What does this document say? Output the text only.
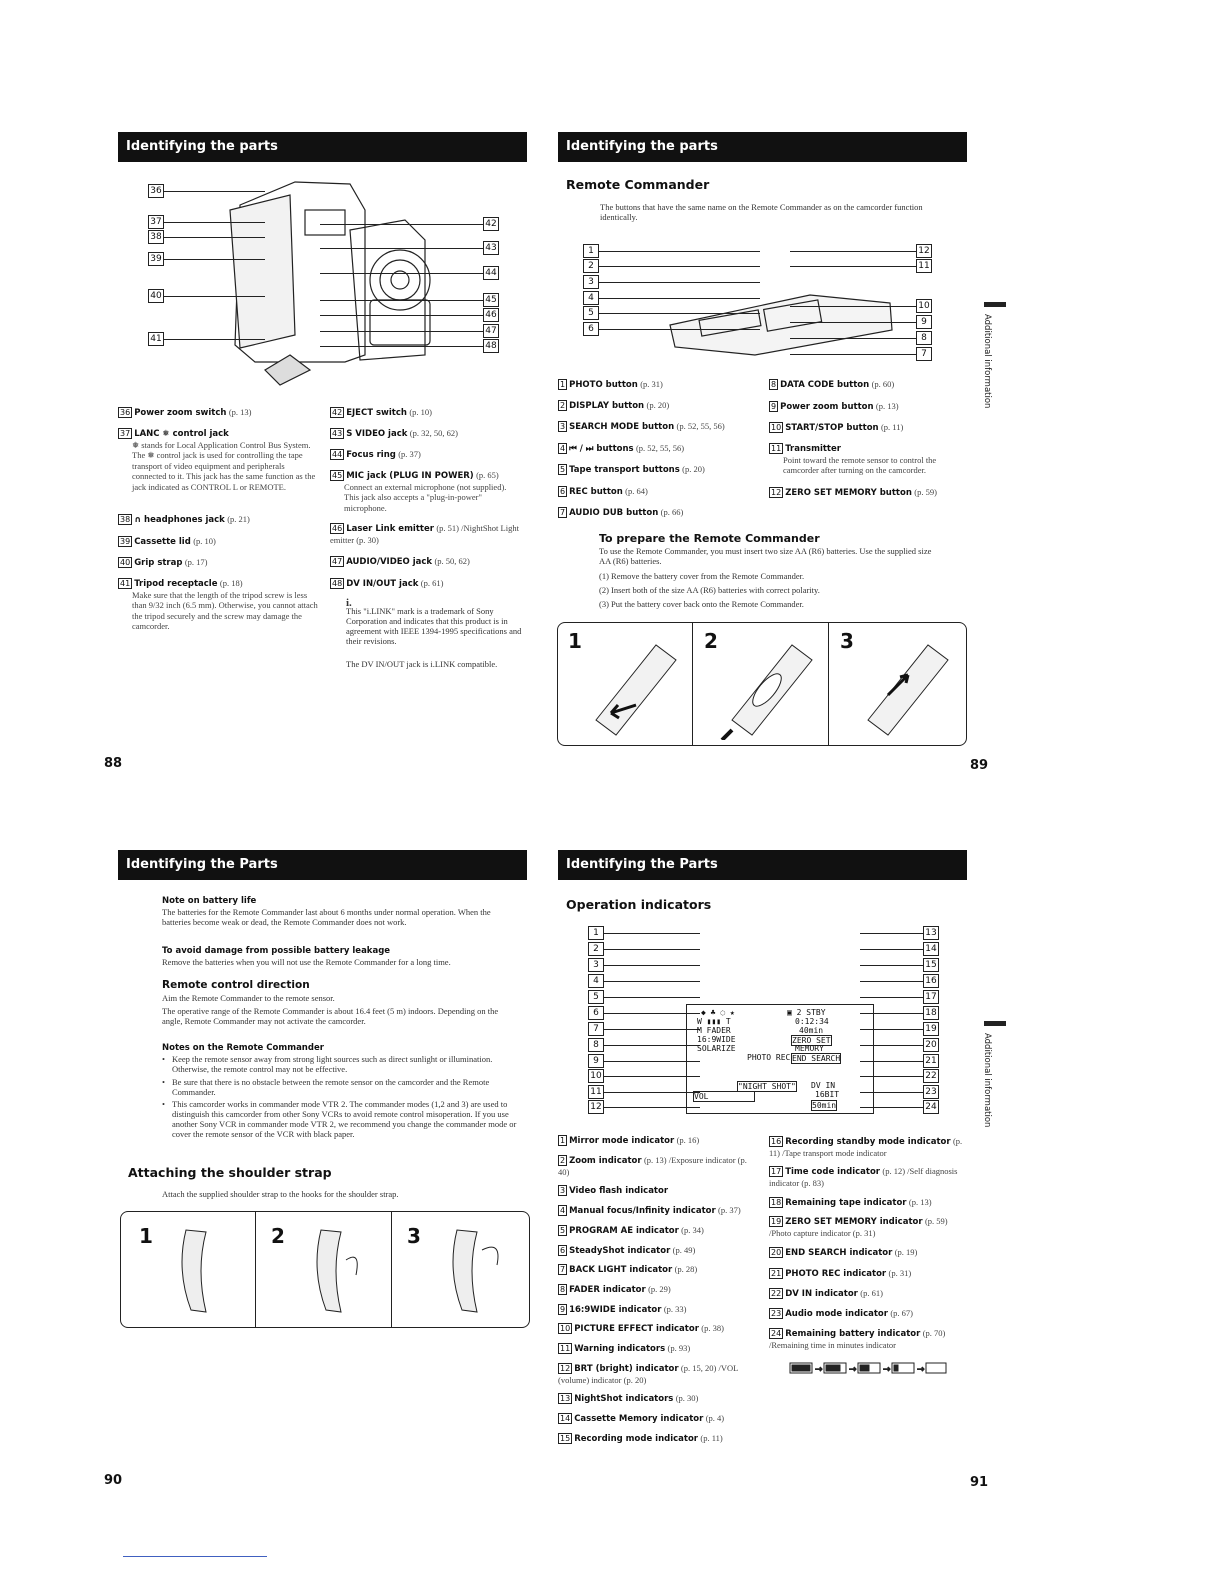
Identifying the parts
36
37
38
39
40
41
42
43
44
45
46
47
48
36 Power zoom switch (p. 13)
37 LANC ❅ control jack
❅ stands for Local Application Control Bus System. The ❅ control jack is used for controlling the tape transport of video equipment and peripherals connected to it. This jack has the same function as the jack indicated as CONTROL L or REMOTE.
38 ∩ headphones jack (p. 21)
39 Cassette lid (p. 10)
40 Grip strap (p. 17)
41 Tripod receptacle (p. 18)
Make sure that the length of the tripod screw is less than 9/32 inch (6.5 mm). Otherwise, you cannot attach the tripod securely and the screw may damage the camcorder.
42 EJECT switch (p. 10)
43 S VIDEO jack (p. 32, 50, 62)
44 Focus ring (p. 37)
45 MIC jack (PLUG IN POWER) (p. 65)
Connect an external microphone (not supplied). This jack also accepts a "plug-in-power" microphone.
46 Laser Link emitter (p. 51) /NightShot Light emitter (p. 30)
47 AUDIO/VIDEO jack (p. 50, 62)
48 DV IN/OUT jack (p. 61)
i.
This "i.LINK" mark is a trademark of Sony Corporation and indicates that this product is in agreement with IEEE 1394-1995 specifications and their revisions.
The DV IN/OUT jack is i.LINK compatible.
88
Identifying the parts
Remote Commander
The buttons that have the same name on the Remote Commander as on the camcorder function identically.
1
2
3
4
5
6
12
11
10
9
8
7
1 PHOTO button (p. 31)
2 DISPLAY button (p. 20)
3 SEARCH MODE button (p. 52, 55, 56)
4 ⏮ / ⏭ buttons (p. 52, 55, 56)
5 Tape transport buttons (p. 20)
6 REC button (p. 64)
7 AUDIO DUB button (p. 66)
8 DATA CODE button (p. 60)
9 Power zoom button (p. 13)
10 START/STOP button (p. 11)
11 Transmitter
Point toward the remote sensor to control the camcorder after turning on the camcorder.
12 ZERO SET MEMORY button (p. 59)
To prepare the Remote Commander
To use the Remote Commander, you must insert two size AA (R6) batteries. Use the supplied size AA (R6) batteries.
(1) Remove the battery cover from the Remote Commander.
(2) Insert both of the size AA (R6) batteries with correct polarity.
(3) Put the battery cover back onto the Remote Commander.
1	2	3
Additional information
89
Identifying the Parts
Note on battery life
The batteries for the Remote Commander last about 6 months under normal operation. When the batteries become weak or dead, the Remote Commander does not work.
To avoid damage from possible battery leakage
Remove the batteries when you will not use the Remote Commander for a long time.
Remote control direction
Aim the Remote Commander to the remote sensor.
The operative range of the Remote Commander is about 16.4 feet (5 m) indoors. Depending on the angle, Remote Commander may not activate the camcorder.
Notes on the Remote Commander
• Keep the remote sensor away from strong light sources such as direct sunlight or illumination. Otherwise, the remote control may not be effective.
• Be sure that there is no obstacle between the remote sensor on the camcorder and the Remote Commander.
• This camcorder works in commander mode VTR 2. The commander modes (1,2 and 3) are used to distinguish this camcorder from other Sony VCRs to avoid remote control misoperation. If you use another Sony VCR in commander mode VTR 2, we recommend you change the commander mode or cover the remote sensor of the VCR with black paper.
Attaching the shoulder strap
Attach the supplied shoulder strap to the hooks for the shoulder strap.
1	2	3
90
Identifying the Parts
Operation indicators
1
2
3
4
5
6
7
8
9
10
11
12
13
14
15
16
17
18
19
20
21
22
23
24
◆ ♣ ◌ ★
W ▮▮▮ T
M FADER
16:9WIDE
SOLARIZE
▣ 2 STBY
0:12:34
40min
ZERO SET
MEMORY
PHOTO REC END SEARCH
"NIGHT SHOT" DV IN
16BIT
VOL
50min
1 Mirror mode indicator (p. 16)
2 Zoom indicator (p. 13) /Exposure indicator (p. 40)
3 Video flash indicator
4 Manual focus/Infinity indicator (p. 37)
5 PROGRAM AE indicator (p. 34)
6 SteadyShot indicator (p. 49)
7 BACK LIGHT indicator (p. 28)
8 FADER indicator (p. 29)
9 16:9WIDE indicator (p. 33)
10 PICTURE EFFECT indicator (p. 38)
11 Warning indicators (p. 93)
12 BRT (bright) indicator (p. 15, 20) /VOL (volume) indicator (p. 20)
13 NightShot indicators (p. 30)
14 Cassette Memory indicator (p. 4)
15 Recording mode indicator (p. 11)
16 Recording standby mode indicator (p. 11) /Tape transport mode indicator
17 Time code indicator (p. 12) /Self diagnosis indicator (p. 83)
18 Remaining tape indicator (p. 13)
19 ZERO SET MEMORY indicator (p. 59) /Photo capture indicator (p. 31)
20 END SEARCH indicator (p. 19)
21 PHOTO REC indicator (p. 31)
22 DV IN indicator (p. 61)
23 Audio mode indicator (p. 67)
24 Remaining battery indicator (p. 70) /Remaining time in minutes indicator
→	→	→	→
Additional information
91
